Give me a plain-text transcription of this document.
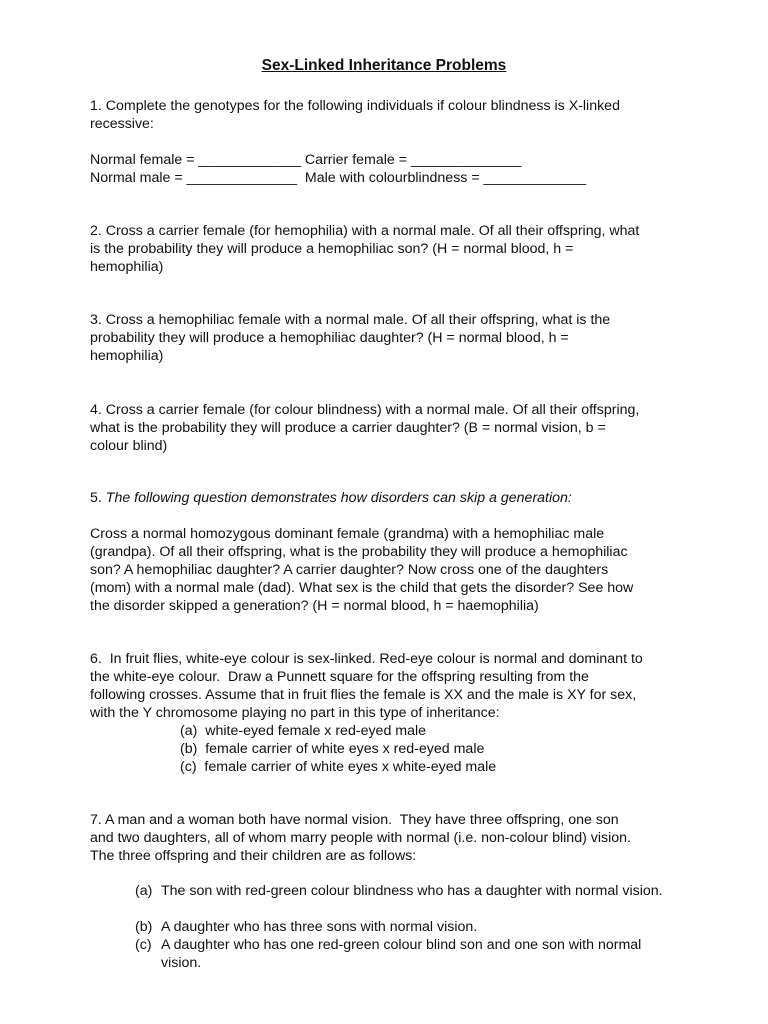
Sex-Linked Inheritance Problems
1. Complete the genotypes for the following individuals if colour blindness is X-linked
recessive:
Normal female = _____________ Carrier female = ______________
Normal male = ______________  Male with colourblindness = _____________
2. Cross a carrier female (for hemophilia) with a normal male. Of all their offspring, what
is the probability they will produce a hemophiliac son? (H = normal blood, h =
hemophilia)
3. Cross a hemophiliac female with a normal male. Of all their offspring, what is the
probability they will produce a hemophiliac daughter? (H = normal blood, h =
hemophilia)
4. Cross a carrier female (for colour blindness) with a normal male. Of all their offspring,
what is the probability they will produce a carrier daughter? (B = normal vision, b =
colour blind)
5. The following question demonstrates how disorders can skip a generation:
Cross a normal homozygous dominant female (grandma) with a hemophiliac male
(grandpa). Of all their offspring, what is the probability they will produce a hemophiliac
son? A hemophiliac daughter? A carrier daughter? Now cross one of the daughters
(mom) with a normal male (dad). What sex is the child that gets the disorder? See how
the disorder skipped a generation? (H = normal blood, h = haemophilia)
6.  In fruit flies, white-eye colour is sex-linked. Red-eye colour is normal and dominant to
the white-eye colour.  Draw a Punnett square for the offspring resulting from the
following crosses. Assume that in fruit flies the female is XX and the male is XY for sex,
with the Y chromosome playing no part in this type of inheritance:
(a)  white-eyed female x red-eyed male
(b)  female carrier of white eyes x red-eyed male
(c)  female carrier of white eyes x white-eyed male
7. A man and a woman both have normal vision.  They have three offspring, one son
and two daughters, all of whom marry people with normal (i.e. non-colour blind) vision.
The three offspring and their children are as follows:
(a) The son with red-green colour blindness who has a daughter with normal vision.
(b) A daughter who has three sons with normal vision.
(c) A daughter who has one red-green colour blind son and one son with normal vision.
